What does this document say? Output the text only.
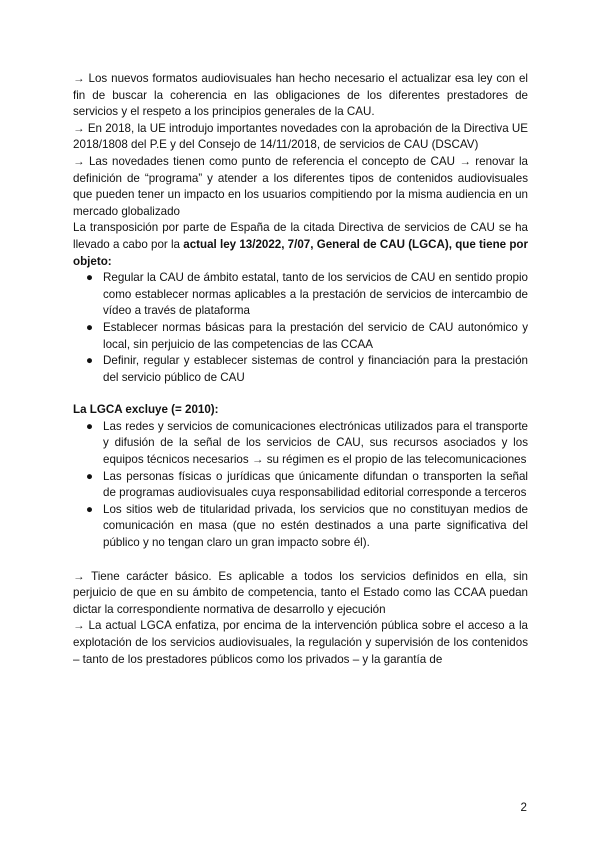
→ Los nuevos formatos audiovisuales han hecho necesario el actualizar esa ley con el fin de buscar la coherencia en las obligaciones de los diferentes prestadores de servicios y el respeto a los principios generales de la CAU.

→ En 2018, la UE introdujo importantes novedades con la aprobación de la Directiva UE 2018/1808 del P.E y del Consejo de 14/11/2018, de servicios de CAU (DSCAV)

→ Las novedades tienen como punto de referencia el concepto de CAU → renovar la definición de “programa” y atender a los diferentes tipos de contenidos audiovisuales que pueden tener un impacto en los usuarios compitiendo por la misma audiencia en un mercado globalizado

La transposición por parte de España de la citada Directiva de servicios de CAU se ha llevado a cabo por la actual ley 13/2022, 7/07, General de CAU (LGCA), que tiene por objeto:

● Regular la CAU de ámbito estatal, tanto de los servicios de CAU en sentido propio como establecer normas aplicables a la prestación de servicios de intercambio de vídeo a través de plataforma
● Establecer normas básicas para la prestación del servicio de CAU autonómico y local, sin perjuicio de las competencias de las CCAA
● Definir, regular y establecer sistemas de control y financiación para la prestación del servicio público de CAU

La LGCA excluye (= 2010):

● Las redes y servicios de comunicaciones electrónicas utilizados para el transporte y difusión de la señal de los servicios de CAU, sus recursos asociados y los equipos técnicos necesarios → su régimen es el propio de las telecomunicaciones
● Las personas físicas o jurídicas que únicamente difundan o transporten la señal de programas audiovisuales cuya responsabilidad editorial corresponde a terceros
● Los sitios web de titularidad privada, los servicios que no constituyan medios de comunicación en masa (que no estén destinados a una parte significativa del público y no tengan claro un gran impacto sobre él).

→ Tiene carácter básico. Es aplicable a todos los servicios definidos en ella, sin perjuicio de que en su ámbito de competencia, tanto el Estado como las CCAA puedan dictar la correspondiente normativa de desarrollo y ejecución

→ La actual LGCA enfatiza, por encima de la intervención pública sobre el acceso a la explotación de los servicios audiovisuales, la regulación y supervisión de los contenidos – tanto de los prestadores públicos como los privados – y la garantía de

2
